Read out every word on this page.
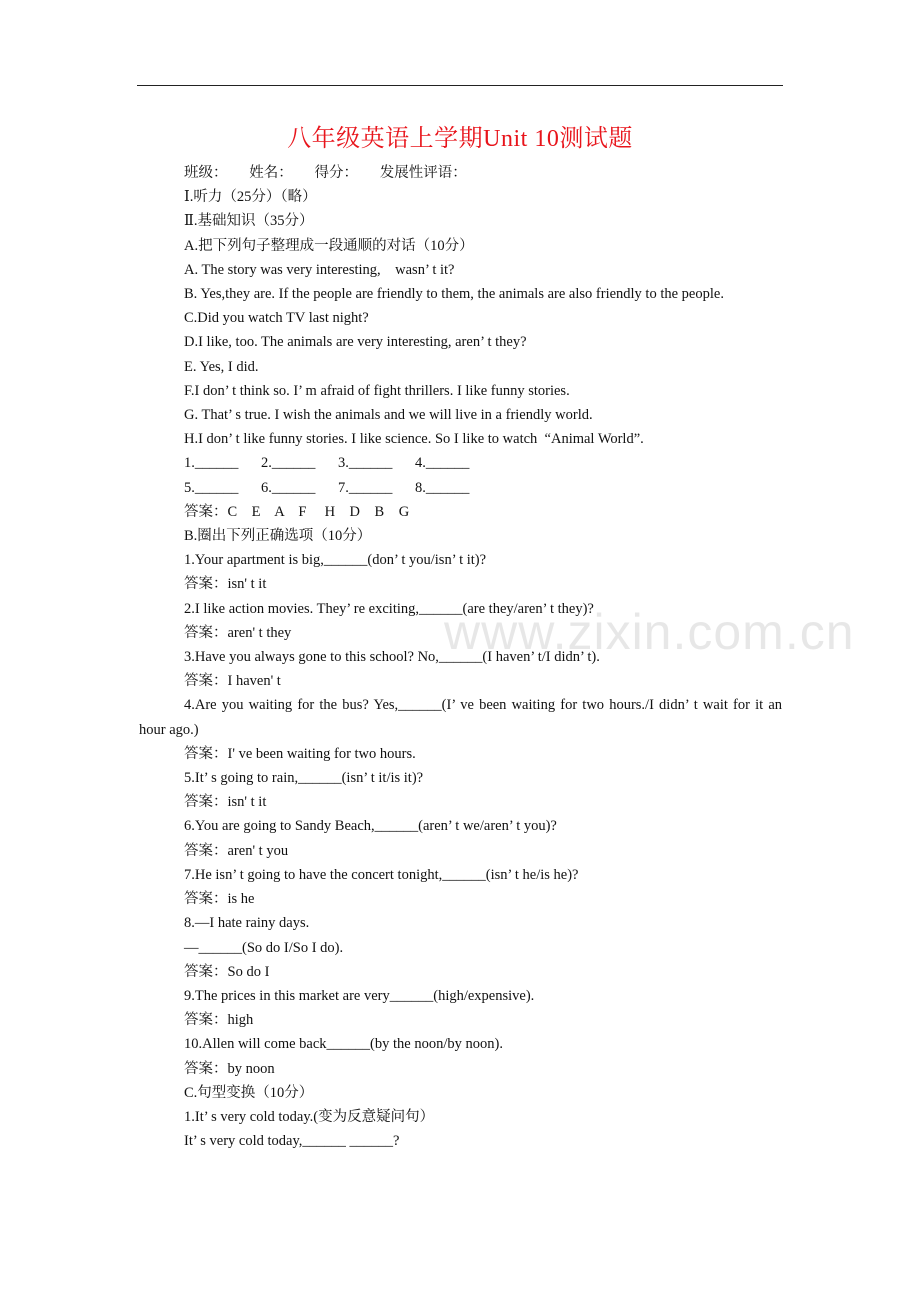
八年级英语上学期Unit 10测试题
www.zixin.com.cn

班级：      姓名：      得分：      发展性评语：

Ⅰ.听力（25分）（略）

Ⅱ.基础知识（35分）

A.把下列句子整理成一段通顺的对话（10分）

A. The story was very interesting,    wasn’ t it?

B. Yes,they are. If the people are friendly to them, the animals are also friendly to the people.

C.Did you watch TV last night?

D.I like, too. The animals are very interesting, aren’ t they?

E. Yes, I did.

F.I don’ t think so. I’ m afraid of fight thrillers. I like funny stories.

G. That’ s true. I wish the animals and we will live in a friendly world.

H.I don’ t like funny stories. I like science. So I like to watch  “Animal World”.

1.______ 2.______ 3.______ 4.______
5.______ 6.______ 7.______ 8.______

答案：C    E    A    F     H    D    B    G

B.圈出下列正确选项（10分）

1.Your apartment is big,______(don’ t you/isn’ t it)?

答案：isn' t it

2.I like action movies. They’ re exciting,______(are they/aren’ t they)?

答案：aren' t they

3.Have you always gone to this school? No,______(I haven’ t/I didn’ t).

答案：I haven' t

4.Are you waiting for the bus? Yes,______(I’ ve been waiting for two hours./I didn’ t wait for it an hour ago.)

答案：I' ve been waiting for two hours.

5.It’ s going to rain,______(isn’ t it/is it)?

答案：isn' t it

6.You are going to Sandy Beach,______(aren’ t we/aren’ t you)?

答案：aren' t you

7.He isn’ t going to have the concert tonight,______(isn’ t he/is he)?

答案：is he

8.—I hate rainy days.

—______(So do I/So I do).

答案：So do I

9.The prices in this market are very______(high/expensive).

答案：high

10.Allen will come back______(by the noon/by noon).

答案：by noon

C.句型变换（10分）

1.It’ s very cold today.(变为反意疑问句）

It’ s very cold today,______ ______?
